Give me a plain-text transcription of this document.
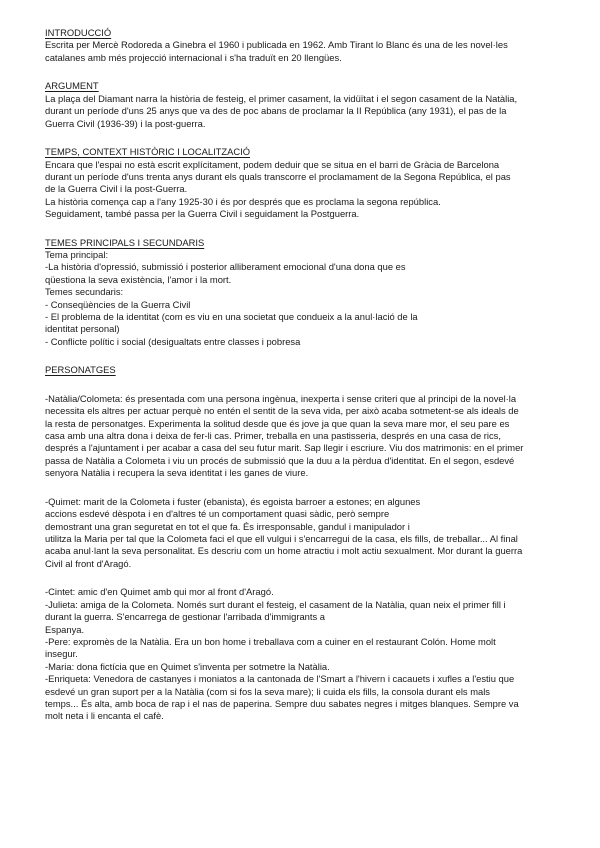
INTRODUCCIÓ
Escrita per Mercè Rodoreda a Ginebra el 1960 i publicada en 1962. Amb Tirant lo Blanc és una de les novel·les
catalanes amb més projecció internacional i s'ha traduït en 20 llengües.
ARGUMENT
La plaça del Diamant narra la història de festeig, el primer casament, la vidüïtat i el segon casament de la Natàlia,
durant un període d'uns 25 anys que va des de poc abans de proclamar la II República (any 1931), el pas de la
Guerra Civil (1936-39) i la post-guerra.
TEMPS, CONTEXT HISTÒRIC I LOCALITZACIÓ
Encara que l'espai no està escrit explícitament, podem deduir que se situa en el barri de Gràcia de Barcelona
durant un període d'uns trenta anys durant els quals transcorre el proclamament de la Segona República, el pas
de la Guerra Civil i la post-Guerra.
La història comença cap a l'any 1925-30 i és por després que es proclama la segona república.
Seguidament, també passa per la Guerra Civil i seguidament la Postguerra.
TEMES PRINCIPALS I SECUNDARIS
Tema principal:
-La història d'opressió, submissió i posterior alliberament emocional d'una dona que es
qüestiona la seva existència, l'amor i la mort.
Temes secundaris:
- Conseqüències de la Guerra Civil
- El problema de la identitat (com es viu en una societat que condueix a la anul·lació de la
identitat personal)
- Conflicte polític i social (desigualtats entre classes i pobresa
PERSONATGES
-Natàlia/Colometa: és presentada com una persona ingènua, inexperta i sense criteri que al principi de la novel·la
necessita els altres per actuar perquè no entén el sentit de la seva vida, per això acaba sotmetent-se als ideals de
la resta de personatges. Experimenta la solitud desde que és jove ja que quan la seva mare mor, el seu pare es
casa amb una altra dona i deixa de fer-li cas. Primer, treballa en una pastisseria, després en una casa de rics,
després a l'ajuntament i per acabar a casa del seu futur marit. Sap llegir i escriure. Viu dos matrimonis: en el primer
passa de Natàlia a Colometa i viu un procés de submissió que la duu a la pèrdua d'identitat. En el segon, esdevé
senyora Natàlia i recupera la seva identitat i les ganes de viure.
-Quimet: marit de la Colometa i fuster (ebanista), és egoista barroer a estones; en algunes
accions esdevé dèspota i en d'altres té un comportament quasi sàdic, però sempre
demostrant una gran seguretat en tot el que fa. És irresponsable, gandul i manipulador i
utilitza la Maria per tal que la Colometa faci el que ell vulgui i s'encarregui de la casa, els fills, de treballar... Al final
acaba anul·lant la seva personalitat. Es descriu com un home atractiu i molt actiu sexualment. Mor durant la guerra
Civil al front d'Aragó.
-Cintet: amic d'en Quimet amb qui mor al front d'Aragó.
-Julieta: amiga de la Colometa. Només surt durant el festeig, el casament de la Natàlia, quan neix el primer fill i
durant la guerra. S'encarrega de gestionar l'arribada d'immigrants a
Espanya.
-Pere: expromès de la Natàlia. Era un bon home i treballava com a cuiner en el restaurant Colón. Home molt
insegur.
-Maria: dona fictícia que en Quimet s'inventa per sotmetre la Natàlia.
-Enriqueta: Venedora de castanyes i moniatos a la cantonada de l'Smart a l'hivern i cacauets i xufles a l'estiu que
esdevé un gran suport per a la Natàlia (com si fos la seva mare); li cuida els fills, la consola durant els mals
temps... És alta, amb boca de rap i el nas de paperina. Sempre duu sabates negres i mitges blanques. Sempre va
molt neta i li encanta el cafè.
